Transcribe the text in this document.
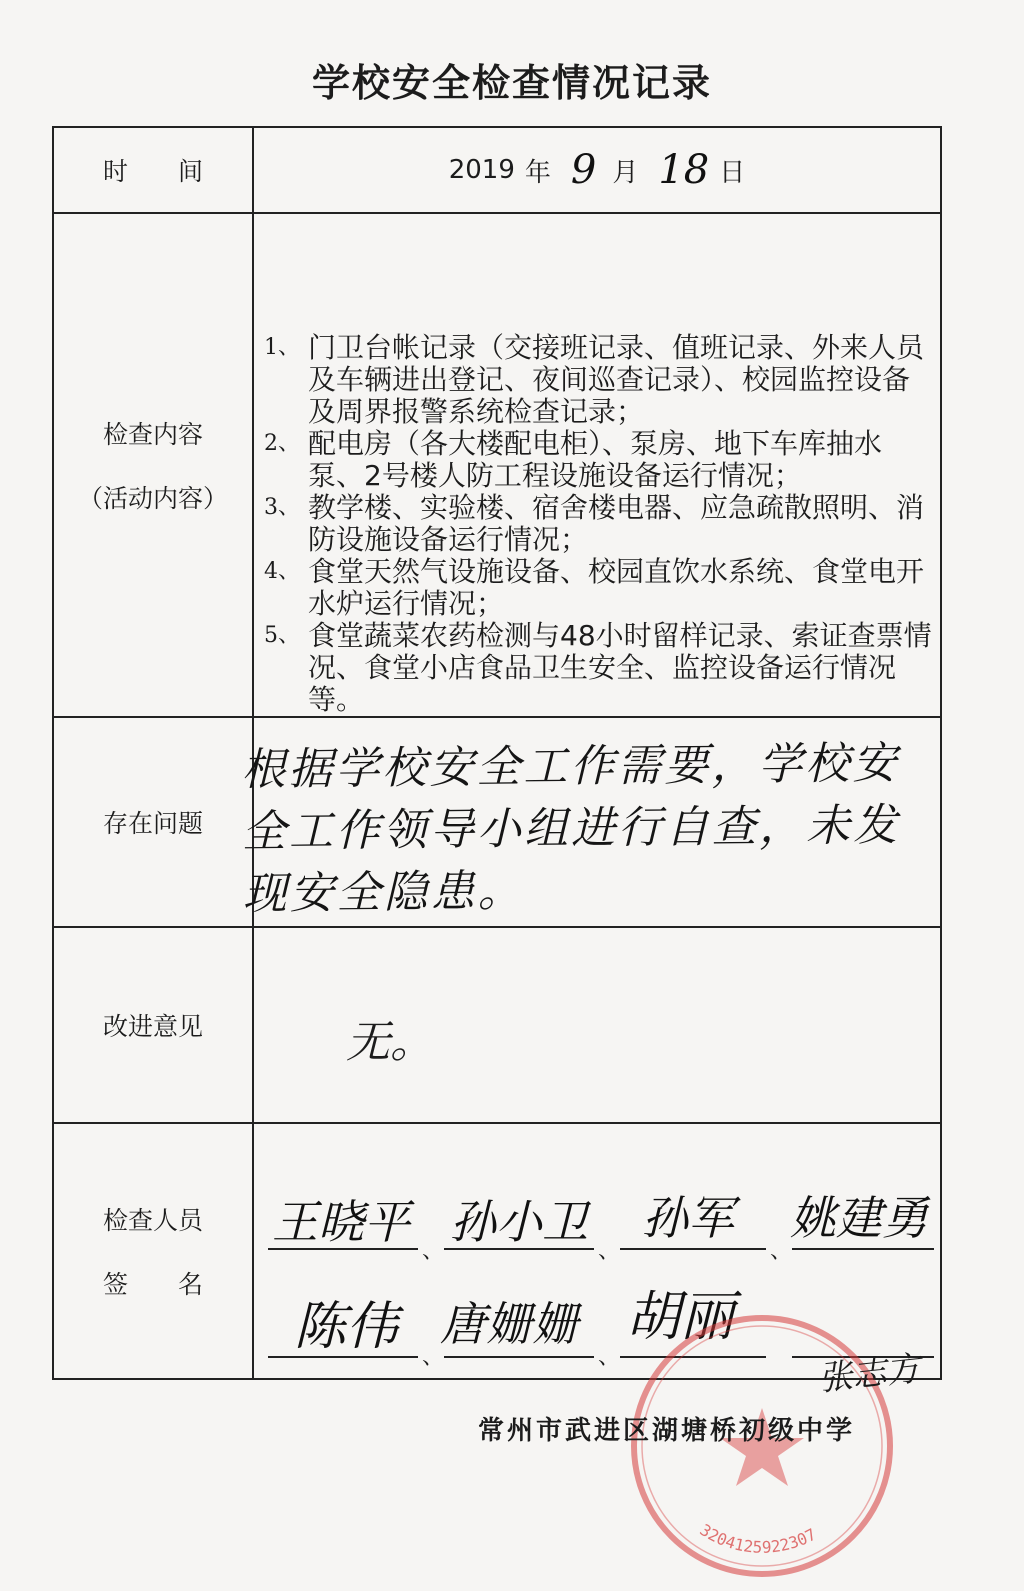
学校安全检查情况记录
时　　间	2019 年 9 月 18 日
检查内容
（活动内容）
1、 门卫台帐记录（交接班记录、值班记录、外来人员及车辆进出登记、夜间巡查记录）、校园监控设备及周界报警系统检查记录；
2、 配电房（各大楼配电柜）、泵房、地下车库抽水泵、2号楼人防工程设施设备运行情况；
3、 教学楼、实验楼、宿舍楼电器、应急疏散照明、消防设施设备运行情况；
4、 食堂天然气设施设备、校园直饮水系统、食堂电开水炉运行情况；
5、 食堂蔬菜农药检测与48小时留样记录、索证查票情况、食堂小店食品卫生安全、监控设备运行情况等。
存在问题
根据学校安全工作需要，学校安全工作领导小组进行自查，未发现安全隐患。
改进意见	无。
检查人员
签　　名
王晓平
、
孙小卫
、
孙军
、
姚建勇
陈伟
、
唐姗姗
、
胡丽
3204125922307
张志方
常州市武进区湖塘桥初级中学
